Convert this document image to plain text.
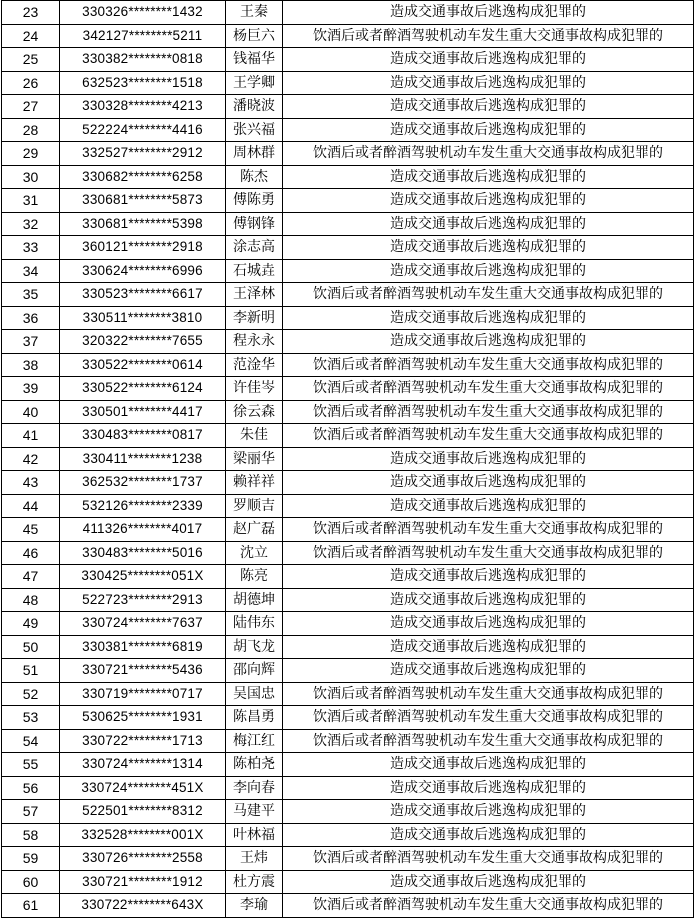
23	330326********1432	王秦	造成交通事故后逃逸构成犯罪的
24	342127********5211	杨巨六	饮酒后或者醉酒驾驶机动车发生重大交通事故构成犯罪的
25	330382********0818	钱福华	造成交通事故后逃逸构成犯罪的
26	632523********1518	王学卿	造成交通事故后逃逸构成犯罪的
27	330328********4213	潘晓波	造成交通事故后逃逸构成犯罪的
28	522224********4416	张兴福	造成交通事故后逃逸构成犯罪的
29	332527********2912	周林群	饮酒后或者醉酒驾驶机动车发生重大交通事故构成犯罪的
30	330682********6258	陈杰	造成交通事故后逃逸构成犯罪的
31	330681********5873	傅陈勇	造成交通事故后逃逸构成犯罪的
32	330681********5398	傅钢锋	造成交通事故后逃逸构成犯罪的
33	360121********2918	涂志高	造成交通事故后逃逸构成犯罪的
34	330624********6996	石城垚	造成交通事故后逃逸构成犯罪的
35	330523********6617	王泽林	饮酒后或者醉酒驾驶机动车发生重大交通事故构成犯罪的
36	330511********3810	李新明	造成交通事故后逃逸构成犯罪的
37	320322********7655	程永永	造成交通事故后逃逸构成犯罪的
38	330522********0614	范淦华	饮酒后或者醉酒驾驶机动车发生重大交通事故构成犯罪的
39	330522********6124	许佳岑	饮酒后或者醉酒驾驶机动车发生重大交通事故构成犯罪的
40	330501********4417	徐云森	饮酒后或者醉酒驾驶机动车发生重大交通事故构成犯罪的
41	330483********0817	朱佳	饮酒后或者醉酒驾驶机动车发生重大交通事故构成犯罪的
42	330411********1238	梁丽华	造成交通事故后逃逸构成犯罪的
43	362532********1737	赖祥祥	造成交通事故后逃逸构成犯罪的
44	532126********2339	罗顺吉	造成交通事故后逃逸构成犯罪的
45	411326********4017	赵广磊	饮酒后或者醉酒驾驶机动车发生重大交通事故构成犯罪的
46	330483********5016	沈立	饮酒后或者醉酒驾驶机动车发生重大交通事故构成犯罪的
47	330425********051X	陈亮	造成交通事故后逃逸构成犯罪的
48	522723********2913	胡德坤	造成交通事故后逃逸构成犯罪的
49	330724********7637	陆伟东	造成交通事故后逃逸构成犯罪的
50	330381********6819	胡飞龙	造成交通事故后逃逸构成犯罪的
51	330721********5436	邵向辉	造成交通事故后逃逸构成犯罪的
52	330719********0717	吴国忠	饮酒后或者醉酒驾驶机动车发生重大交通事故构成犯罪的
53	530625********1931	陈昌勇	饮酒后或者醉酒驾驶机动车发生重大交通事故构成犯罪的
54	330722********1713	梅江红	饮酒后或者醉酒驾驶机动车发生重大交通事故构成犯罪的
55	330724********1314	陈柏尧	造成交通事故后逃逸构成犯罪的
56	330724********451X	李向春	造成交通事故后逃逸构成犯罪的
57	522501********8312	马建平	造成交通事故后逃逸构成犯罪的
58	332528********001X	叶林福	造成交通事故后逃逸构成犯罪的
59	330726********2558	王炜	饮酒后或者醉酒驾驶机动车发生重大交通事故构成犯罪的
60	330721********1912	杜方震	造成交通事故后逃逸构成犯罪的
61	330722********643X	李瑜	饮酒后或者醉酒驾驶机动车发生重大交通事故构成犯罪的
